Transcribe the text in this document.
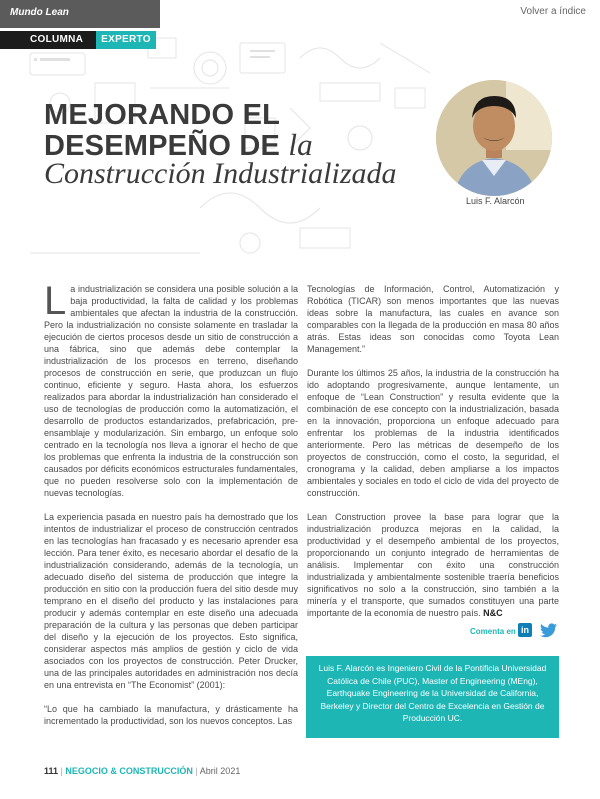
Mundo Lean	Volver a índice
COLUMNA	EXPERTO
MEJORANDO EL
DESEMPEÑO DE la
Construcción Industrializada
Luis F. Alarcón

La industrialización se considera una posible solución a la baja productividad, la falta de calidad y los problemas ambientales que afectan la industria de la construcción. Pero la industrialización no consiste solamente en trasladar la ejecución de ciertos procesos desde un sitio de construcción a una fábrica, sino que además debe contemplar la industrialización de los procesos en terreno, diseñando procesos de construcción en serie, que produzcan un flujo continuo, eficiente y seguro. Hasta ahora, los esfuerzos realizados para abordar la industrialización han considerado el uso de tecnologías de producción como la automatización, el desarrollo de productos estandarizados, prefabricación, pre-ensamblaje y modularización. Sin embargo, un enfoque solo centrado en la tecnología nos lleva a ignorar el hecho de que los problemas que enfrenta la industria de la construcción son causados por déficits económicos estructurales fundamentales, que no pueden resolverse solo con la implementación de nuevas tecnologías.

La experiencia pasada en nuestro país ha demostrado que los intentos de industrializar el proceso de construcción centrados en las tecnologías han fracasado y es necesario aprender esa lección. Para tener éxito, es necesario abordar el desafío de la industrialización considerando, además de la tecnología, un adecuado diseño del sistema de producción que integre la producción en sitio con la producción fuera del sitio desde muy temprano en el diseño del producto y las instalaciones para producir y además contemplar en este diseño una adecuada preparación de la cultura y las personas que deben participar del diseño y la ejecución de los proyectos. Esto significa, considerar aspectos más amplios de gestión y ciclo de vida asociados con los proyectos de construcción. Peter Drucker, una de las principales autoridades en administración nos decía en una entrevista en “The Economist” (2001):

“Lo que ha cambiado la manufactura, y drásticamente ha incrementado la productividad, son los nuevos conceptos. Las

Tecnologías de Información, Control, Automatización y Robótica (TICAR) son menos importantes que las nuevas ideas sobre la manufactura, las cuales en avance son comparables con la llegada de la producción en masa 80 años atrás. Estas ideas son conocidas como Toyota Lean Management.”

Durante los últimos 25 años, la industria de la construcción ha ido adoptando progresivamente, aunque lentamente, un enfoque de “Lean Construction” y resulta evidente que la combinación de ese concepto con la industrialización, basada en la innovación, proporciona un enfoque adecuado para enfrentar los problemas de la industria identificados anteriormente. Pero las métricas de desempeño de los proyectos de construcción, como el costo, la seguridad, el cronograma y la calidad, deben ampliarse a los impactos ambientales y sociales en todo el ciclo de vida del proyecto de construcción.

Lean Construction provee la base para lograr que la industrialización produzca mejoras en la calidad, la productividad y el desempeño ambiental de los proyectos, proporcionando un conjunto integrado de herramientas de análisis. Implementar con éxito una construcción industrializada y ambientalmente sostenible traería beneficios significativos no solo a la construcción, sino también a la minería y el transporte, que sumados constituyen una parte importante de la economía de nuestro país. N&C

Comenta en in
Luis F. Alarcón es Ingeniero Civil de la Pontificia Universidad Católica de Chile (PUC), Master of Engineering (MEng), Earthquake Engineering de la Universidad de California, Berkeley y Director del Centro de Excelencia en Gestión de Producción UC.
111 | NEGOCIO & CONSTRUCCIÓN | Abril 2021
